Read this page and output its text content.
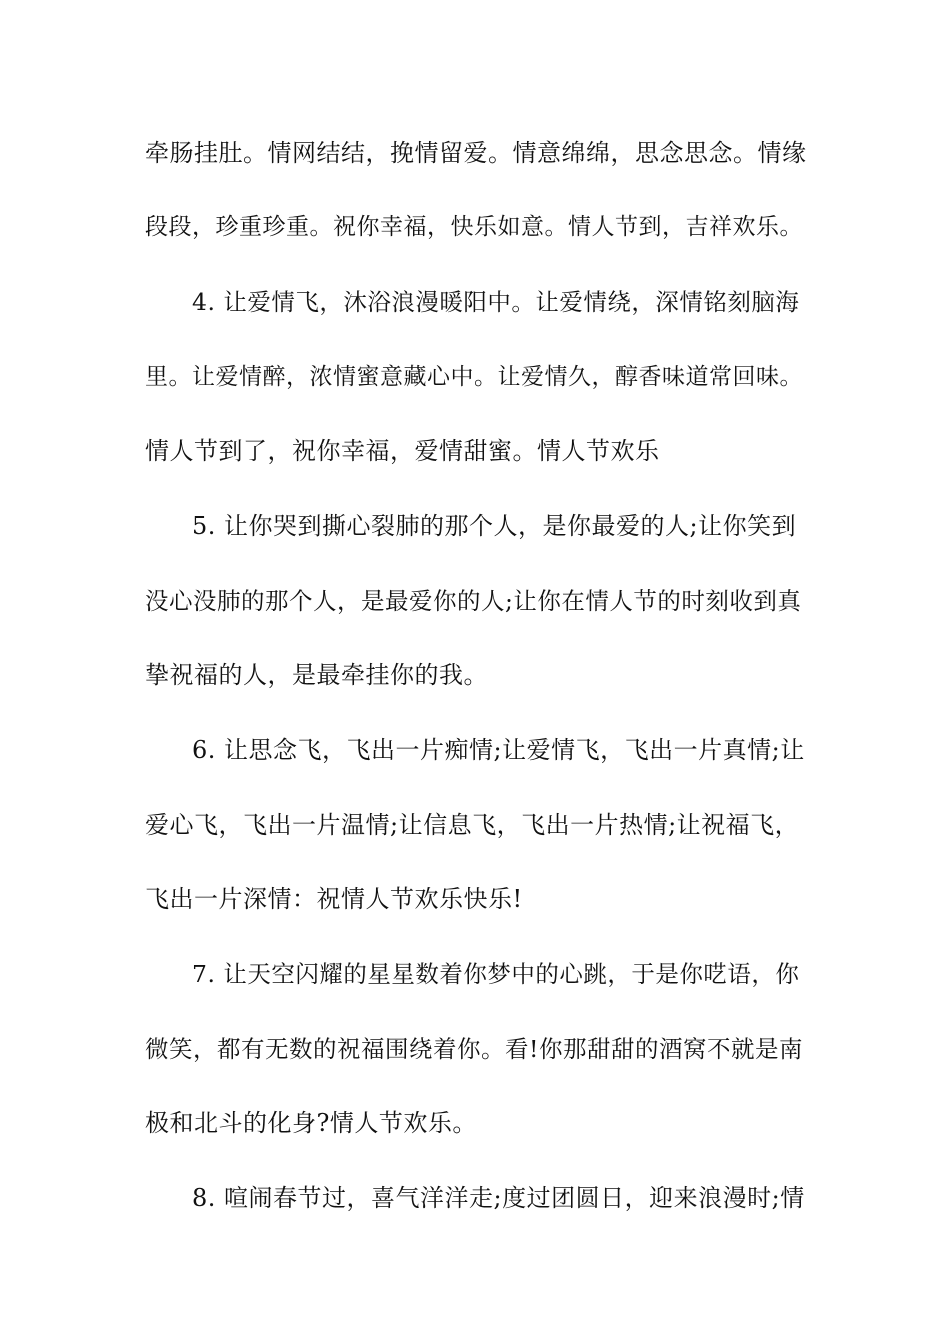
牵肠挂肚。情网结结，挽情留爱。情意绵绵，思念思念。情缘
段段，珍重珍重。祝你幸福，快乐如意。情人节到，吉祥欢乐。
4. 让爱情飞，沐浴浪漫暖阳中。让爱情绕，深情铭刻脑海
里。让爱情醉，浓情蜜意藏心中。让爱情久，醇香味道常回味。
情人节到了，祝你幸福，爱情甜蜜。情人节欢乐
5. 让你哭到撕心裂肺的那个人，是你最爱的人;让你笑到
没心没肺的那个人，是最爱你的人;让你在情人节的时刻收到真
挚祝福的人，是最牵挂你的我。
6. 让思念飞，飞出一片痴情;让爱情飞，飞出一片真情;让
爱心飞，飞出一片温情;让信息飞，飞出一片热情;让祝福飞，
飞出一片深情：祝情人节欢乐快乐!
7. 让天空闪耀的星星数着你梦中的心跳，于是你呓语，你
微笑，都有无数的祝福围绕着你。看!你那甜甜的酒窝不就是南
极和北斗的化身?情人节欢乐。
8. 喧闹春节过，喜气洋洋走;度过团圆日，迎来浪漫时;情
